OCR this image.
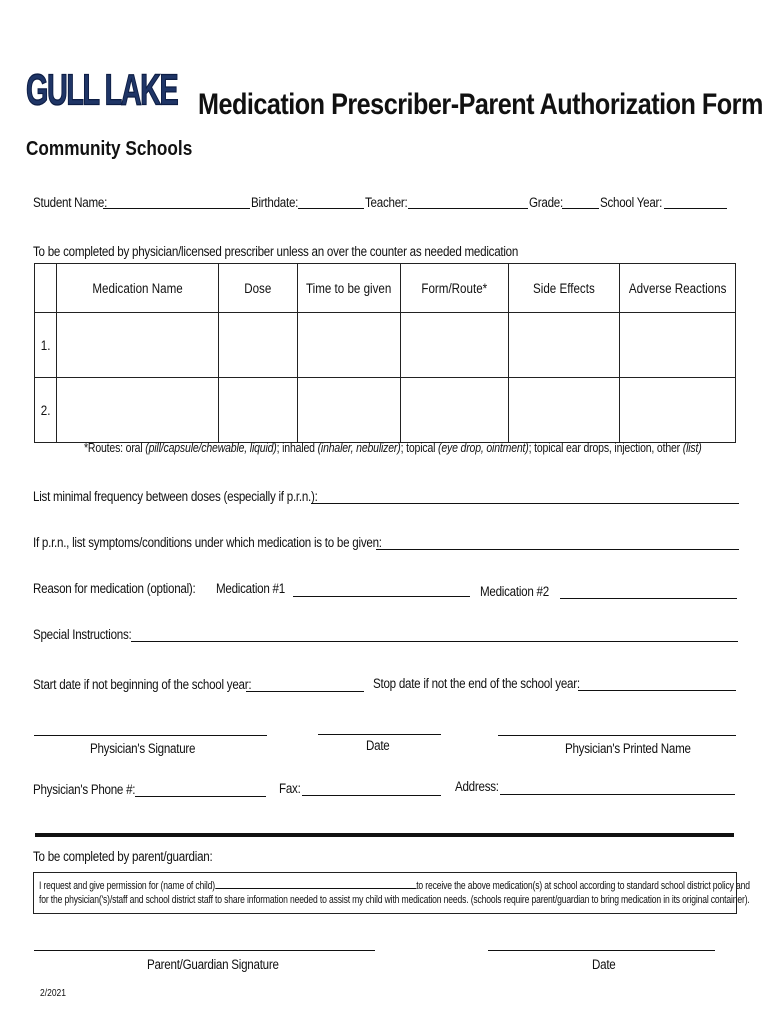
GULL LAKE
Community Schools
Medication Prescriber-Parent Authorization Form
Student Name:	Birthdate:	Teacher:	Grade:	School Year:
To be completed by physician/licensed prescriber unless an over the counter as needed medication
	Medication Name	Dose	Time to be given	Form/Route*	Side Effects	Adverse Reactions
1.						
2.						
*Routes: oral (pill/capsule/chewable, liquid); inhaled (inhaler, nebulizer); topical (eye drop, ointment); topical ear drops, injection, other (list)
List minimal frequency between doses (especially if p.r.n.):
If p.r.n., list symptoms/conditions under which medication is to be given:
Reason for medication (optional): Medication #1	Medication #2
Special Instructions:
Start date if not beginning of the school year:	Stop date if not the end of the school year:
Physician's Signature	Date	Physician's Printed Name
Physician's Phone #:	Fax:	Address:
To be completed by parent/guardian:
I request and give permission for (name of child)	to receive the above medication(s) at school according to standard school district policy and
for the physician('s)/staff and school district staff to share information needed to assist my child with medication needs. (schools require parent/guardian to bring medication in its original container).
Parent/Guardian Signature	Date
2/2021
